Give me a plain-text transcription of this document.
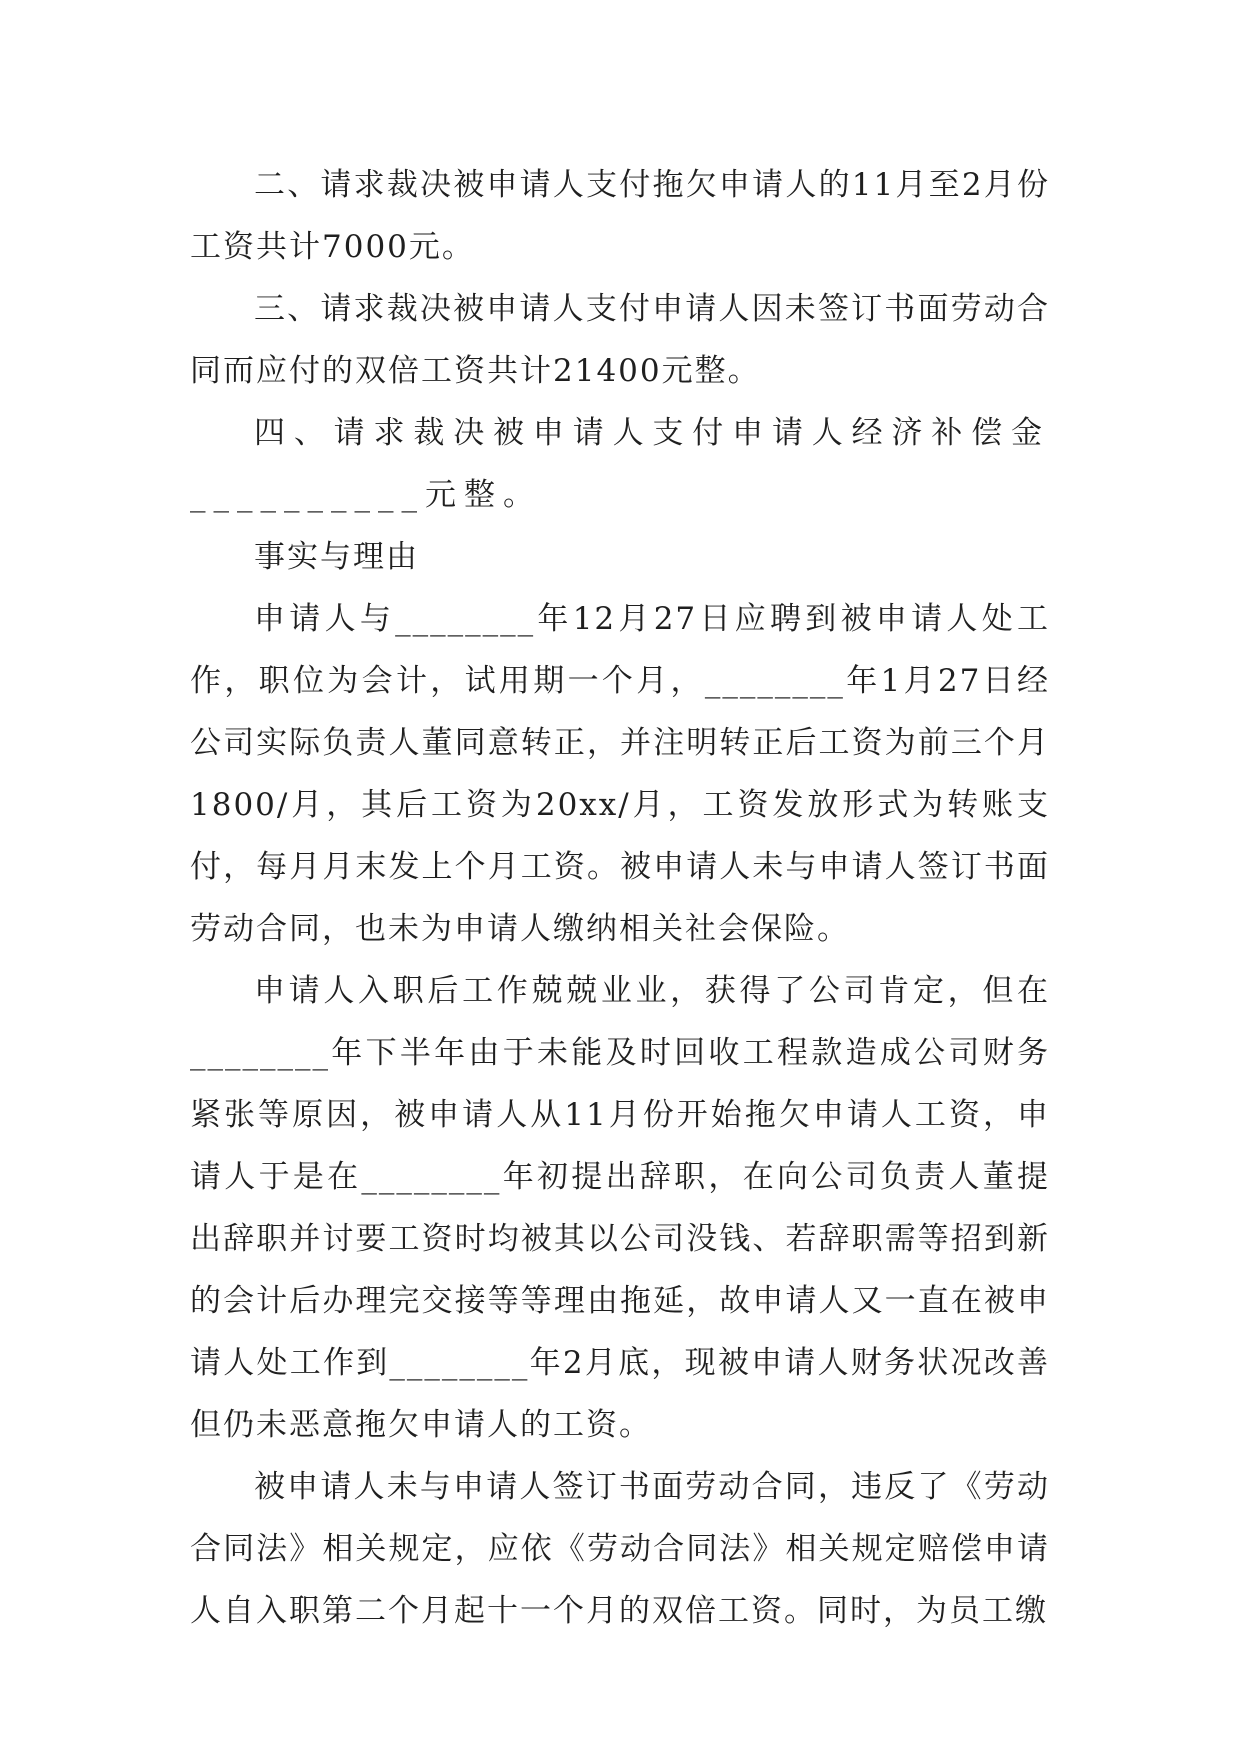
二、请求裁决被申请人支付拖欠申请人的11月至2月份工资共计7000元。

三、请求裁决被申请人支付申请人因未签订书面劳动合同而应付的双倍工资共计21400元整。

四、请求裁决被申请人支付申请人经济补偿金__________元整。

事实与理由

申请人与________年12月27日应聘到被申请人处工作，职位为会计，试用期一个月，________年1月27日经公司实际负责人董同意转正，并注明转正后工资为前三个月1800/月，其后工资为20xx/月，工资发放形式为转账支付，每月月末发上个月工资。被申请人未与申请人签订书面劳动合同，也未为申请人缴纳相关社会保险。

申请人入职后工作兢兢业业，获得了公司肯定，但在________年下半年由于未能及时回收工程款造成公司财务紧张等原因，被申请人从11月份开始拖欠申请人工资，申请人于是在________年初提出辞职，在向公司负责人董提出辞职并讨要工资时均被其以公司没钱、若辞职需等招到新的会计后办理完交接等等理由拖延，故申请人又一直在被申请人处工作到________年2月底，现被申请人财务状况改善但仍未恶意拖欠申请人的工资。

被申请人未与申请人签订书面劳动合同，违反了《劳动合同法》相关规定，应依《劳动合同法》相关规定赔偿申请人自入职第二个月起十一个月的双倍工资。同时，为员工缴
